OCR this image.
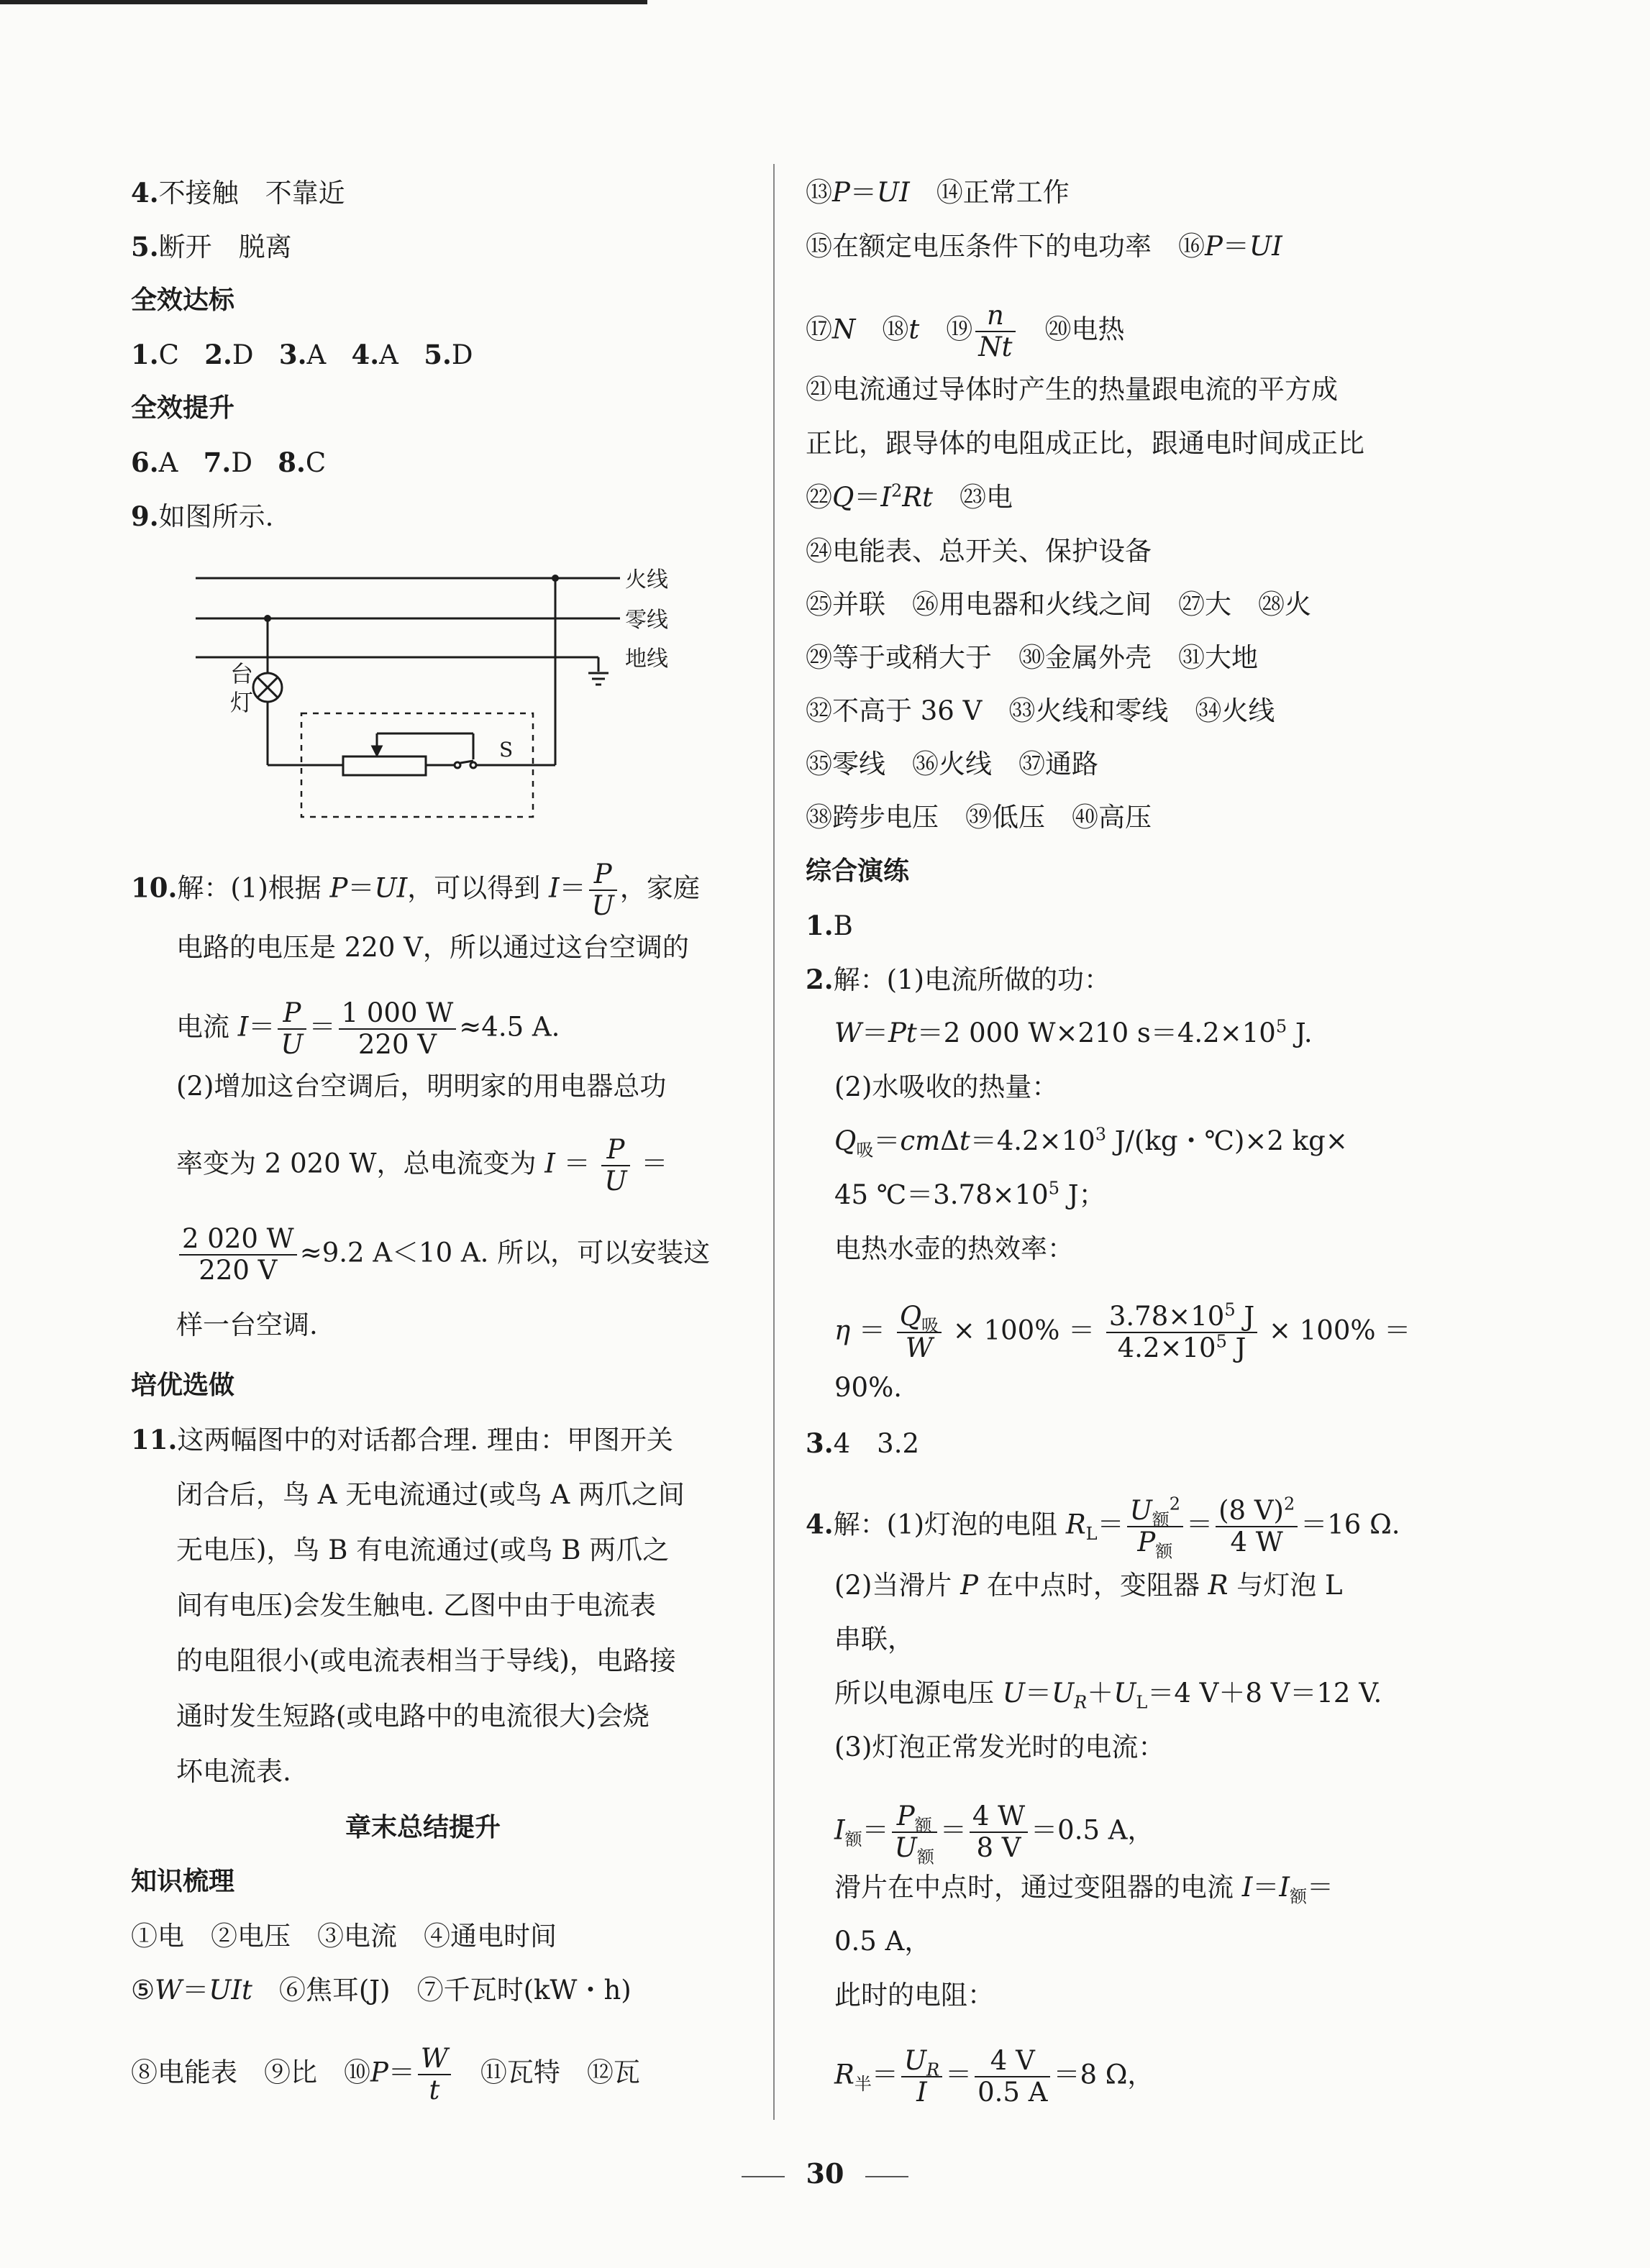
4.不接触　不靠近
5.断开　脱离
全效达标
1.C 2.D 3.A 4.A 5.D
全效提升
6.A 7.D 8.C
9.如图所示.
10.解：(1)根据 P＝UI，可以得到 $I= \frac{P}{U}$ ，家庭
电路的电压是 220 V，所以通过这台空调的
电流 $I= \frac{P}{U} = \frac{1 000 W}{220 V} \approx 4.5$ A.
(2)增加这台空调后，明明家的用电器总功
率变为 2 020 W，总电流变为 $I = \frac{P}{U}$ ＝
$\frac{2 020 W}{220 V} \approx 9.2$ A＜10 A. 所以，可以安装这
样一台空调.
培优选做
11.这两幅图中的对话都合理. 理由：甲图开关
闭合后，鸟 A 无电流通过(或鸟 A 两爪之间
无电压)，鸟 B 有电流通过(或鸟 B 两爪之
间有电压)会发生触电. 乙图中由于电流表
的电阻很小(或电流表相当于导线)，电路接
通时发生短路(或电路中的电流很大)会烧
坏电流表.
章末总结提升
知识梳理
①电　②电压　③电流　④通电时间
⑤W＝UIt　⑥焦耳(J)　⑦千瓦时(kW・h)
⑧电能表　⑨比　⑩P＝ $\frac{W}{t}$ 　⑪瓦特　⑫瓦
火线
零线
地线
台
灯
S
⑬P＝UI　⑭正常工作
⑮在额定电压条件下的电功率　⑯P＝UI
⑰N　⑱t　⑲ $\frac{n}{Nt}$ 　⑳电热
㉑电流通过导体时产生的热量跟电流的平方成
正比，跟导体的电阻成正比，跟通电时间成正比
$㉒Q=I^2Rt$　㉓电
㉔电能表、总开关、保护设备
㉕并联　㉖用电器和火线之间　㉗大　㉘火
㉙等于或稍大于　㉚金属外壳　㉛大地
㉜不高于 36 V　㉝火线和零线　㉞火线
㉟零线　㊱火线　㊲通路
㊳跨步电压　㊴低压　㊵高压
综合演练
1.B
2.解：(1)电流所做的功：
W＝Pt＝2 000 W×210 $s=4.2\times 10^5$ J.
(2)水吸收的热量：
$Q_吸=cm\Delta t=4.2\times 10^3$ J/(kg・℃)×2 kg×
45 $℃=3.78\times 10^5$ J；
电热水壶的热效率：
$\eta = \frac{Q_吸}{W} \times 100\% = \frac{3.78\times 10^5 J}{4.2\times 10^5 J} \times 100\%$ ＝
90%.
3.4　3.2
4.解：(1)灯泡的电阻 $R_L= \frac{U_额^2}{P_额} = \frac{(8 V)^2}{4 W} =16$ Ω.
(2)当滑片 P 在中点时，变阻器 R 与灯泡 L
串联，
所以电源电压 $U=U_R+U_L=4$ V＋8 V＝12 V.
(3)灯泡正常发光时的电流：
$I_额= \frac{P_额}{U_额} = \frac{4 W}{8 V} =0.5$ A，
滑片在中点时，通过变阻器的电流 $I=I_额=$
0.5 A，
此时的电阻：
$R_半= \frac{U_R}{I} = \frac{4 V}{0.5 A} =8$ Ω，
30
